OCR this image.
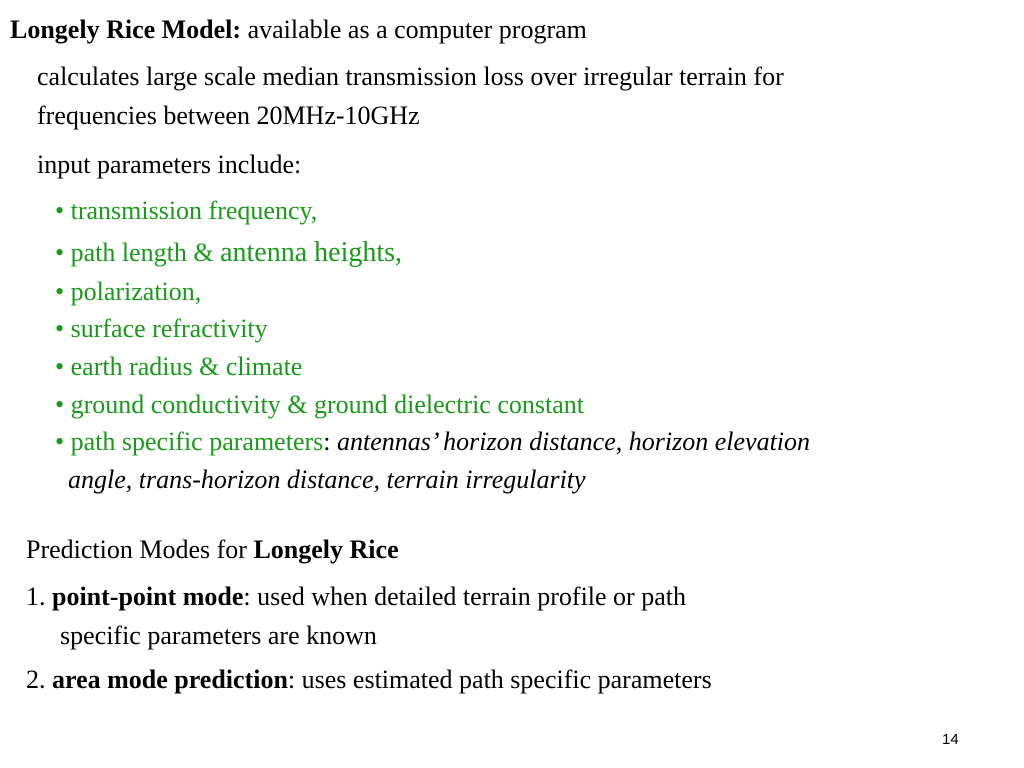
Longely Rice Model: available as a computer program
calculates large scale median transmission loss over irregular terrain for
frequencies between 20MHz-10GHz
input parameters include:
• transmission frequency,
• path length & antenna heights,
• polarization,
• surface refractivity
• earth radius & climate
• ground conductivity & ground dielectric constant
• path specific parameters: antennas’ horizon distance, horizon elevation
angle, trans-horizon distance, terrain irregularity
Prediction Modes for Longely Rice
1. point-point mode: used when detailed terrain profile or path
specific parameters are known
2. area mode prediction: uses estimated path specific parameters
14
